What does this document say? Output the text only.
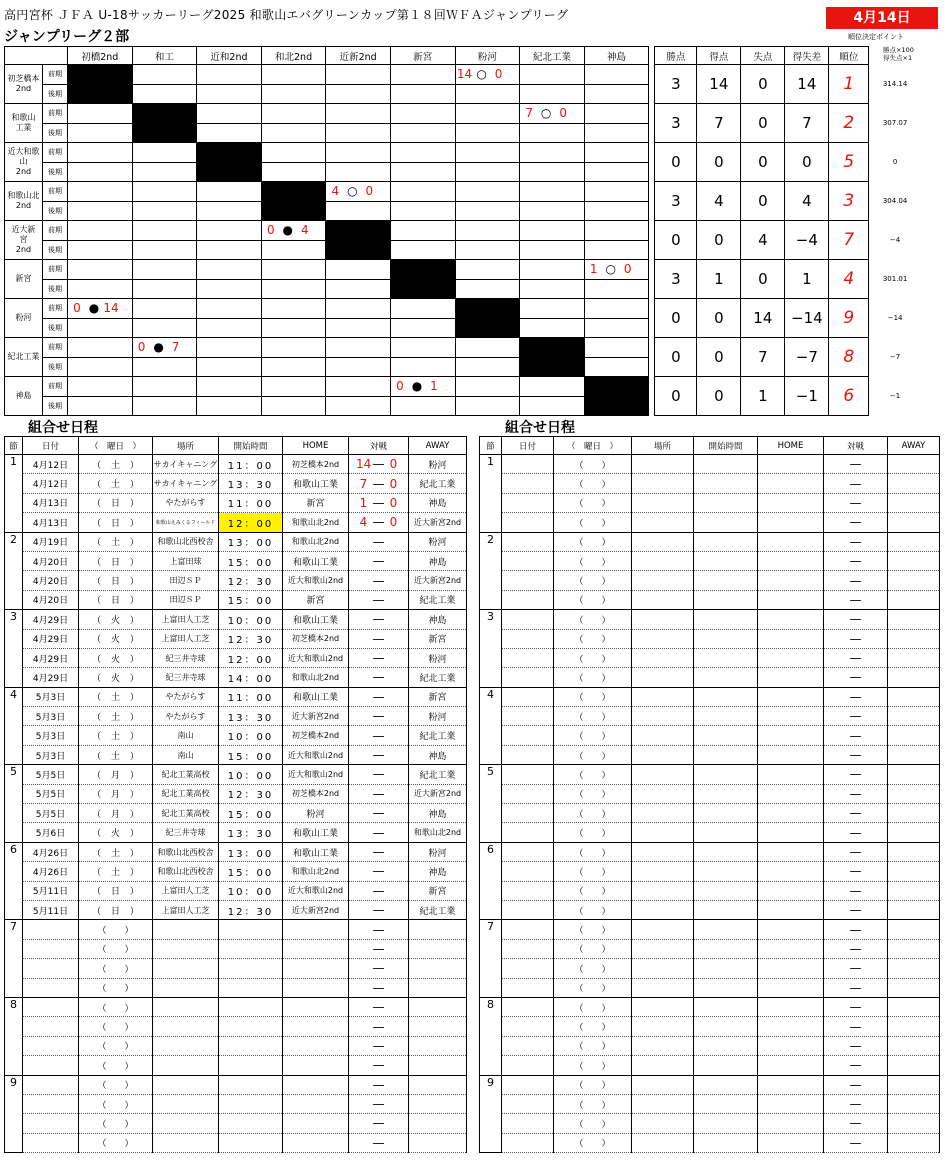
高円宮杯 ＪＦＡ U-18サッカーリーグ2025 和歌山エバグリーンカップ第１８回ＷＦＡジャンプリーグ
ジャンプリーグ２部
4月14日
順位決定ポイント
勝点×100
得失点×1
		初橋2nd	和工	近和2nd	和北2nd	近新2nd	新宮	粉河	紀北工業	神島		勝点	得点	失点	得失差	順位	
初芝橋本
2nd	前期							14 ○ 0				3	14	0	14	1	314.14
	後期																
和歌山
工業	前期								7 ○ 0			3	7	0	7	2	307.07
	後期																
近大和歌山
2nd	前期											0	0	0	0	5	0
	後期																
和歌山北
2nd	前期					4 ○ 0						3	4	0	4	3	304.04
	後期																
近大新
宮
2nd	前期				0 ● 4							0	0	4	−4	7	−4
	後期																
新宮	前期									1 ○ 0		3	1	0	1	4	301.01
	後期																
粉河	前期	0 ● 14										0	0	14	−14	9	−14
	後期																
紀北工業	前期		0 ● 7									0	0	7	−7	8	−7
	後期																
神島	前期						0 ● 1					0	0	1	−1	6	−1
	後期																
組合せ日程	組合せ日程
節	日付	（　曜日　）	場所	開始時間	HOME	対戦	AWAY
1	4月12日	（ 土 ）	サカイキャニング	11：00	初芝橋本2nd	14— 0	粉河
	4月12日	（ 土 ）	サカイキャニング	13：30	和歌山工業	7 — 0	紀北工業
	4月13日	（ 日 ）	やたがらす	11：00	新宮	1 — 0	神島
	4月13日	（ 日 ）	和歌山えみくるフィールド	12：00	和歌山北2nd	4 — 0	近大新宮2nd
2	4月19日	（ 土 ）	和歌山北西校舎	13：00	和歌山北2nd	—	粉河
	4月20日	（ 日 ）	上富田球	15：00	和歌山工業	—	神島
	4月20日	（ 日 ）	田辺ＳＰ	12：30	近大和歌山2nd	—	近大新宮2nd
	4月20日	（ 日 ）	田辺ＳＰ	15：00	新宮	—	紀北工業
3	4月29日	（ 火 ）	上富田人工芝	10：00	和歌山工業	—	神島
	4月29日	（ 火 ）	上富田人工芝	12：30	初芝橋本2nd	—	新宮
	4月29日	（ 火 ）	紀三井寺球	12：00	近大和歌山2nd	—	粉河
	4月29日	（ 火 ）	紀三井寺球	14：00	和歌山北2nd	—	紀北工業
4	5月3日	（ 土 ）	やたがらす	11：00	和歌山工業	—	新宮
	5月3日	（ 土 ）	やたがらす	13：30	近大新宮2nd	—	粉河
	5月3日	（ 土 ）	南山	10：00	初芝橋本2nd	—	紀北工業
	5月3日	（ 土 ）	南山	15：00	近大和歌山2nd	—	神島
5	5月5日	（ 月 ）	紀北工業高校	10：00	近大和歌山2nd	—	紀北工業
	5月5日	（ 月 ）	紀北工業高校	12：30	初芝橋本2nd	—	近大新宮2nd
	5月5日	（ 月 ）	紀北工業高校	15：00	粉河	—	神島
	5月6日	（ 火 ）	紀三井寺球	13：30	和歌山工業	—	和歌山北2nd
6	4月26日	（ 土 ）	和歌山北西校舎	13：00	和歌山工業	—	粉河
	4月26日	（ 土 ）	和歌山北西校舎	15：00	和歌山北2nd	—	神島
	5月11日	（ 日 ）	上富田人工芝	10：00	近大和歌山2nd	—	新宮
	5月11日	（ 日 ）	上富田人工芝	12：30	近大新宮2nd	—	紀北工業
7		（　　）				—	
		（　　）				—	
		（　　）				—	
		（　　）				—	
8		（　　）				—	
		（　　）				—	
		（　　）				—	
		（　　）				—	
9		（　　）				—	
		（　　）				—	
		（　　）				—	
		（　　）				—	
節	日付	（　曜日　）	場所	開始時間	HOME	対戦	AWAY
1		（　　）				—	
		（　　）				—	
		（　　）				—	
		（　　）				—	
2		（　　）				—	
		（　　）				—	
		（　　）				—	
		（　　）				—	
3		（　　）				—	
		（　　）				—	
		（　　）				—	
		（　　）				—	
4		（　　）				—	
		（　　）				—	
		（　　）				—	
		（　　）				—	
5		（　　）				—	
		（　　）				—	
		（　　）				—	
		（　　）				—	
6		（　　）				—	
		（　　）				—	
		（　　）				—	
		（　　）				—	
7		（　　）				—	
		（　　）				—	
		（　　）				—	
		（　　）				—	
8		（　　）				—	
		（　　）				—	
		（　　）				—	
		（　　）				—	
9		（　　）				—	
		（　　）				—	
		（　　）				—	
		（　　）				—	
